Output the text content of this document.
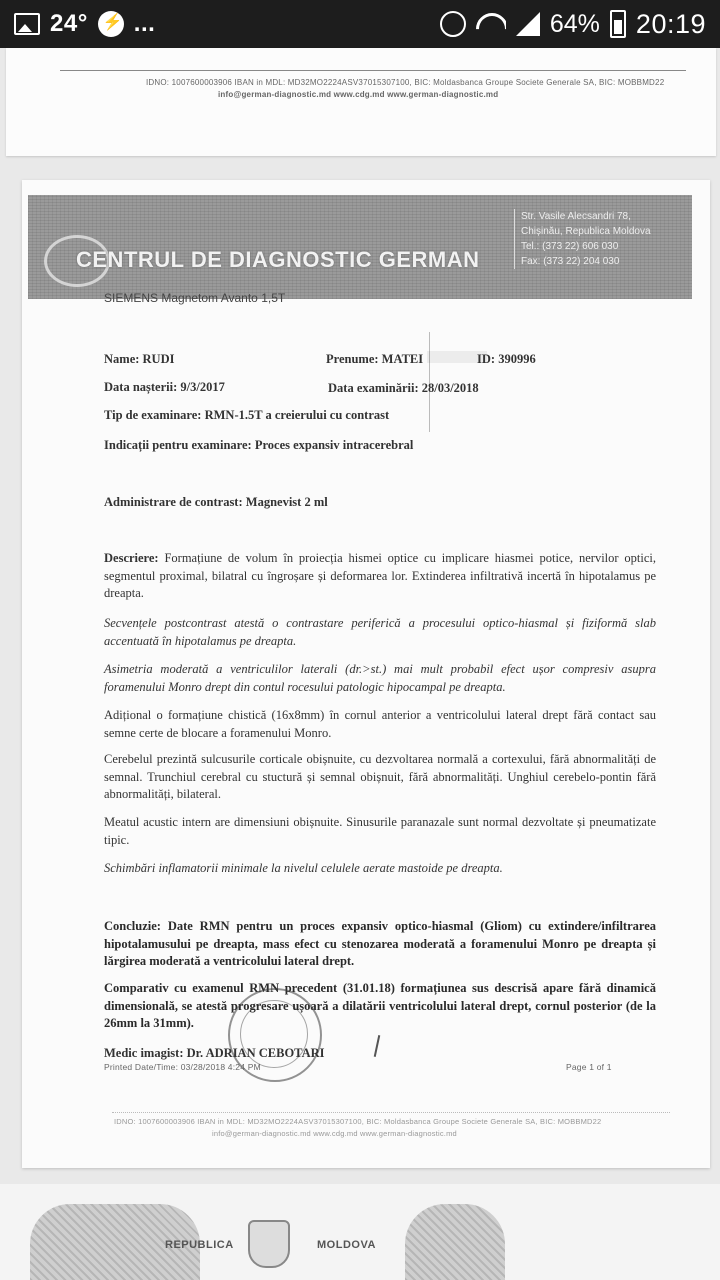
24°
⚡ ...	64% 20:19
IDNO: 1007600003906 IBAN in MDL: MD32MO2224ASV37015307100, BIC: Moldasbanca Groupe Societe Generale SA, BIC: MOBBMD22
info@german-diagnostic.md www.cdg.md www.german-diagnostic.md
CENTRUL DE DIAGNOSTIC GERMAN
Str. Vasile Alecsandri 78,
Chișinău, Republica Moldova
Tel.: (373 22) 606 030
Fax: (373 22) 204 030
SIEMENS Magnetom Avanto 1,5T
Name: RUDI	Prenume: MATEI	ID: 390996
Data nașterii: 9/3/2017	Data examinării: 28/03/2018
Tip de examinare: RMN-1.5T a creierului cu contrast
Indicații pentru examinare: Proces expansiv intracerebral
Administrare de contrast: Magnevist 2 ml

Descriere: Formațiune de volum în proiecția hismei optice cu implicare hiasmei potice, nervilor optici, segmentul proximal, bilatral cu îngroșare și deformarea lor. Extinderea infiltrativă incertă în hipotalamus pe dreapta.

Secvențele postcontrast atestă o contrastare periferică a procesului optico-hiasmal și fiziformă slab accentuată în hipotalamus pe dreapta.

Asimetria moderată a ventriculilor laterali (dr.>st.) mai mult probabil efect ușor compresiv asupra foramenului Monro drept din contul rocesului patologic hipocampal pe dreapta.

Adițional o formațiune chistică (16x8mm) în cornul anterior a ventricolului lateral drept fără contact sau semne certe de blocare a foramenului Monro.

Cerebelul prezintă sulcusurile corticale obișnuite, cu dezvoltarea normală a cortexului, fără abnormalități de semnal. Trunchiul cerebral cu stuctură și semnal obișnuit, fără abnormalități. Unghiul cerebelo-pontin fără abnormalități, bilateral.

Meatul acustic intern are dimensiuni obișnuite. Sinusurile paranazale sunt normal dezvoltate și pneumatizate tipic.

Schimbări inflamatorii minimale la nivelul celulele aerate mastoide pe dreapta.

Concluzie: Date RMN pentru un proces expansiv optico-hiasmal (Gliom) cu extindere/infiltrarea hipotalamusului pe dreapta, mass efect cu stenozarea moderată a foramenului Monro pe dreapta și lărgirea moderată a ventricolului lateral drept.

Comparativ cu examenul RMN precedent (31.01.18) formațiunea sus descrisă apare fără dinamică dimensională, se atestă progresare ușoară a dilatării ventricolului lateral drept, cornul posterior (de la 26mm la 31mm).

Medic imagist: Dr. ADRIAN CEBOTARI
Printed Date/Time: 03/28/2018 4:24 PM	Page 1 of 1
IDNO: 1007600003906 IBAN in MDL: MD32MO2224ASV37015307100, BIC: Moldasbanca Groupe Societe Generale SA, BIC: MOBBMD22
info@german-diagnostic.md www.cdg.md www.german-diagnostic.md
REPUBLICA	MOLDOVA
